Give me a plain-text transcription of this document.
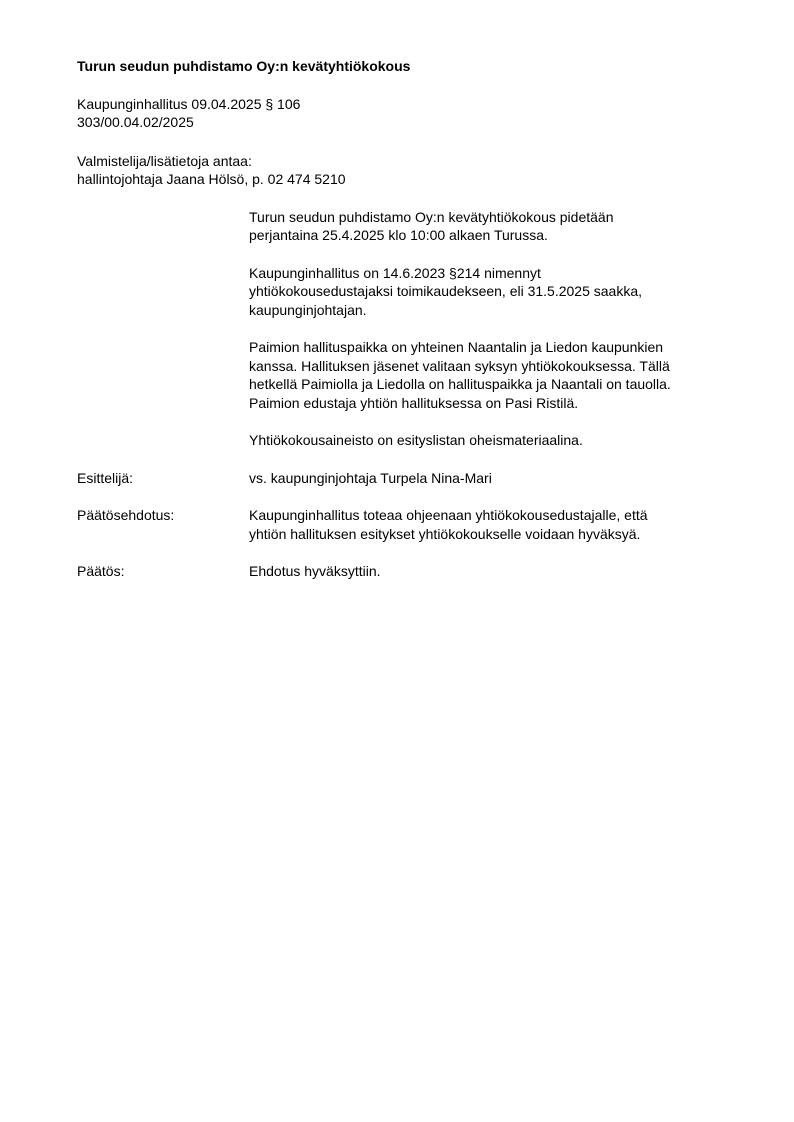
Turun seudun puhdistamo Oy:n kevätyhtiökokous
Kaupunginhallitus 09.04.2025 § 106
303/00.04.02/2025
Valmistelija/lisätietoja antaa:
hallintojohtaja Jaana Hölsö, p. 02 474 5210
Turun seudun puhdistamo Oy:n kevätyhtiökokous pidetään
perjantaina 25.4.2025 klo 10:00 alkaen Turussa.
Kaupunginhallitus on 14.6.2023 §214 nimennyt
yhtiökokousedustajaksi toimikaudekseen, eli 31.5.2025 saakka,
kaupunginjohtajan.
Paimion hallituspaikka on yhteinen Naantalin ja Liedon kaupunkien
kanssa. Hallituksen jäsenet valitaan syksyn yhtiökokouksessa. Tällä
hetkellä Paimiolla ja Liedolla on hallituspaikka ja Naantali on tauolla.
Paimion edustaja yhtiön hallituksessa on Pasi Ristilä.
Yhtiökokousaineisto on esityslistan oheismateriaalina.
Esittelijä:	vs. kaupunginjohtaja Turpela Nina-Mari
Päätösehdotus:	Kaupunginhallitus toteaa ohjeenaan yhtiökokousedustajalle, että
yhtiön hallituksen esitykset yhtiökokoukselle voidaan hyväksyä.
Päätös:	Ehdotus hyväksyttiin.
